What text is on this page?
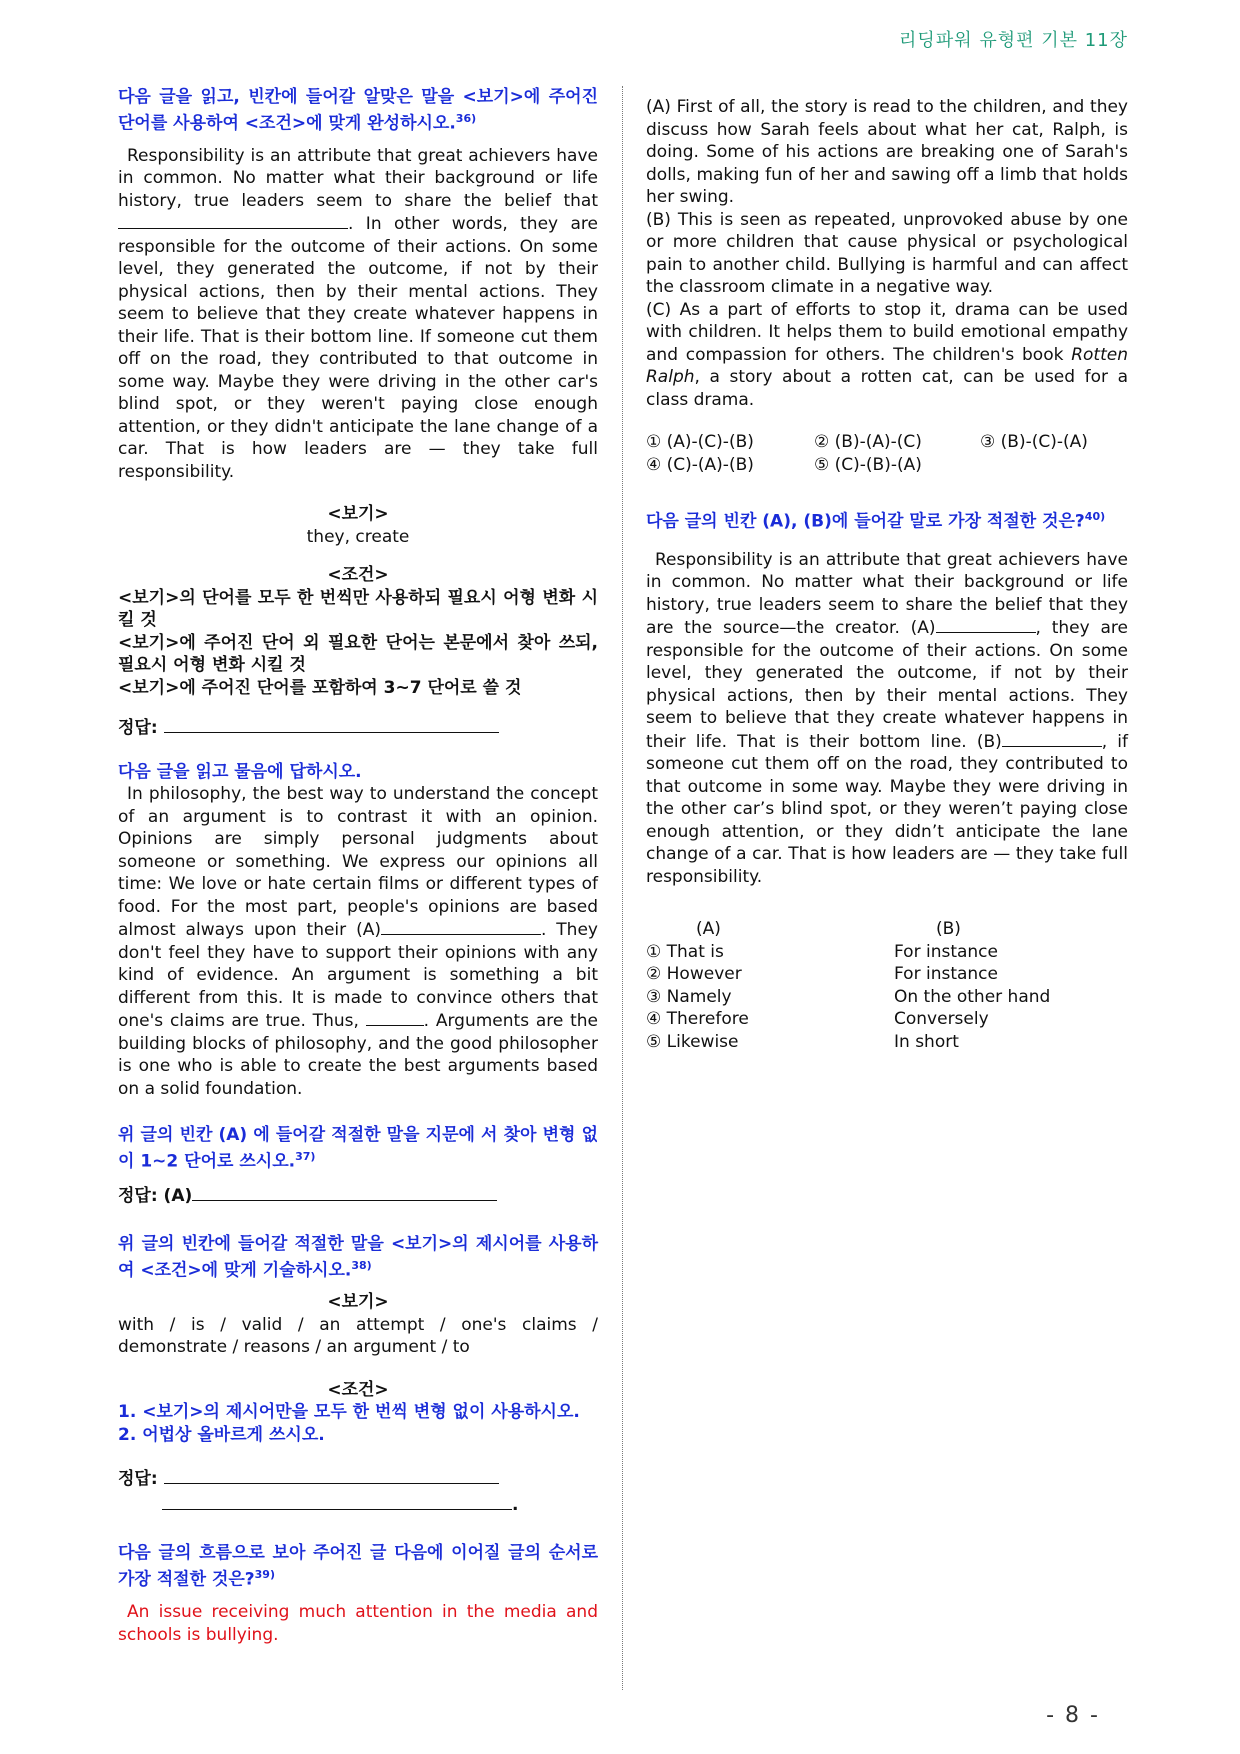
리딩파워 유형편 기본 11장

다음 글을 읽고, 빈칸에 들어갈 알맞은 말을 <보기>에 주어진 단어를 사용하여 <조건>에 맞게 완성하시오.$^{36)}$

Responsibility is an attribute that great achievers have in common. No matter what their background or life history, true leaders seem to share the belief that . In other words, they are responsible for the outcome of their actions. On some level, they generated the outcome, if not by their physical actions, then by their mental actions. They seem to believe that they create whatever happens in their life. That is their bottom line. If someone cut them off on the road, they contributed to that outcome in some way. Maybe they were driving in the other car's blind spot, or they weren't paying close enough attention, or they didn't anticipate the lane change of a car. That is how leaders are — they take full responsibility.

<보기>
they, create
<조건>
<보기>의 단어를 모두 한 번씩만 사용하되 필요시 어형 변화 시킬 것
<보기>에 주어진 단어 외 필요한 단어는 본문에서 찾아 쓰되, 필요시 어형 변화 시킬 것
<보기>에 주어진 단어를 포함하여 3~7 단어로 쓸 것
정답:

다음 글을 읽고 물음에 답하시오.

In philosophy, the best way to understand the concept of an argument is to contrast it with an opinion. Opinions are simply personal judgments about someone or something. We express our opinions all time: We love or hate certain films or different types of food. For the most part, people's opinions are based almost always upon their (A)	. They don't feel they have to support their opinions with any kind of evidence. An argument is something a bit different from this. It is made to convince others that one's claims are true. Thus,	. Arguments are the building blocks of philosophy, and the good philosopher is one who is able to create the best arguments based on a solid foundation.

위 글의 빈칸 (A) 에 들어갈 적절한 말을 지문에 서 찾아 변형 없이 1~2 단어로 쓰시오.$^{37)}$

정답: (A)

위 글의 빈칸에 들어갈 적절한 말을 <보기>의 제시어를 사용하여 <조건>에 맞게 기술하시오.$^{38)}$

<보기>

with / is / valid / an attempt / one's claims / demonstrate / reasons / an argument / to

<조건>
1. <보기>의 제시어만을 모두 한 번씩 변형 없이 사용하시오.
2. 어법상 올바르게 쓰시오.
정답:
.

다음 글의 흐름으로 보아 주어진 글 다음에 이어질 글의 순서로 가장 적절한 것은?$^{39)}$

An issue receiving much attention in the media and schools is bullying.

(A) First of all, the story is read to the children, and they discuss how Sarah feels about what her cat, Ralph, is doing. Some of his actions are breaking one of Sarah's dolls, making fun of her and sawing off a limb that holds her swing.

(B) This is seen as repeated, unprovoked abuse by one or more children that cause physical or psychological pain to another child. Bullying is harmful and can affect the classroom climate in a negative way.

(C) As a part of efforts to stop it, drama can be used with children. It helps them to build emotional empathy and compassion for others. The children's book Rotten Ralph, a story about a rotten cat, can be used for a class drama.

① (A)-(C)-(B)	② (B)-(A)-(C)	③ (B)-(C)-(A)
④ (C)-(A)-(B)	⑤ (C)-(B)-(A)

다음 글의 빈칸 (A), (B)에 들어갈 말로 가장 적절한 것은?$^{40)}$

Responsibility is an attribute that great achievers have in common. No matter what their background or life history, true leaders seem to share the belief that they are the source—the creator. (A)	, they are responsible for the outcome of their actions. On some level, they generated the outcome, if not by their physical actions, then by their mental actions. They seem to believe that they create whatever happens in their life. That is their bottom line. (B)	, if someone cut them off on the road, they contributed to that outcome in some way. Maybe they were driving in the other car’s blind spot, or they weren’t paying close enough attention, or they didn’t anticipate the lane change of a car. That is how leaders are — they take full responsibility.

(A)	(B)
① That is	For instance
② However	For instance
③ Namely	On the other hand
④ Therefore	Conversely
⑤ Likewise	In short
- 8 -
